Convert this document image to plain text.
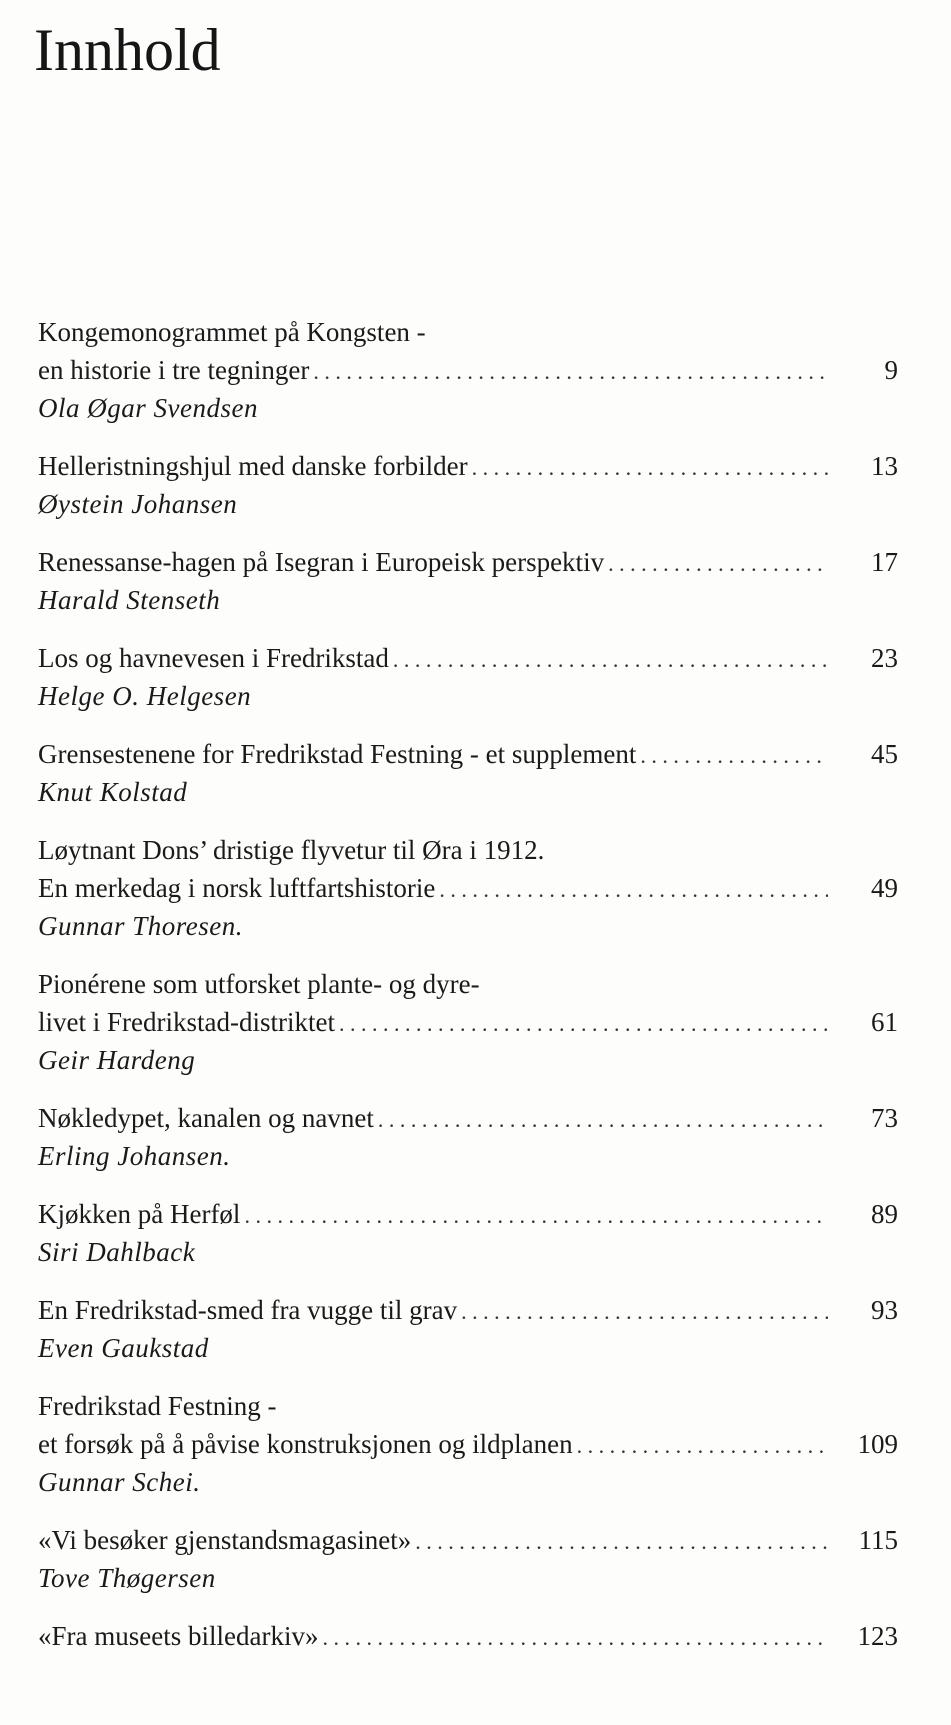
Innhold
Kongemonogrammet på Kongsten -
en historie i tre tegninger . . .	9
Ola Øgar Svendsen
Helleristningshjul med danske forbilder . . .	13
Øystein Johansen
Renessanse-hagen på Isegran i Europeisk perspektiv . . .	17
Harald Stenseth
Los og havnevesen i Fredrikstad . . .	23
Helge O. Helgesen
Grensestenene for Fredrikstad Festning - et supplement . . .	45
Knut Kolstad
Løytnant Dons’ dristige flyvetur til Øra i 1912.
En merkedag i norsk luftfartshistorie . . .	49
Gunnar Thoresen.
Pionérene som utforsket plante- og dyre-
livet i Fredrikstad-distriktet . . .	61
Geir Hardeng
Nøkledypet, kanalen og navnet . . .	73
Erling Johansen.
Kjøkken på Herføl . . .	89
Siri Dahlback
En Fredrikstad-smed fra vugge til grav . . .	93
Even Gaukstad
Fredrikstad Festning -
et forsøk på å påvise konstruksjonen og ildplanen . . .	109
Gunnar Schei.
«Vi besøker gjenstandsmagasinet» . . .	115
Tove Thøgersen
«Fra museets billedarkiv» . . .	123
